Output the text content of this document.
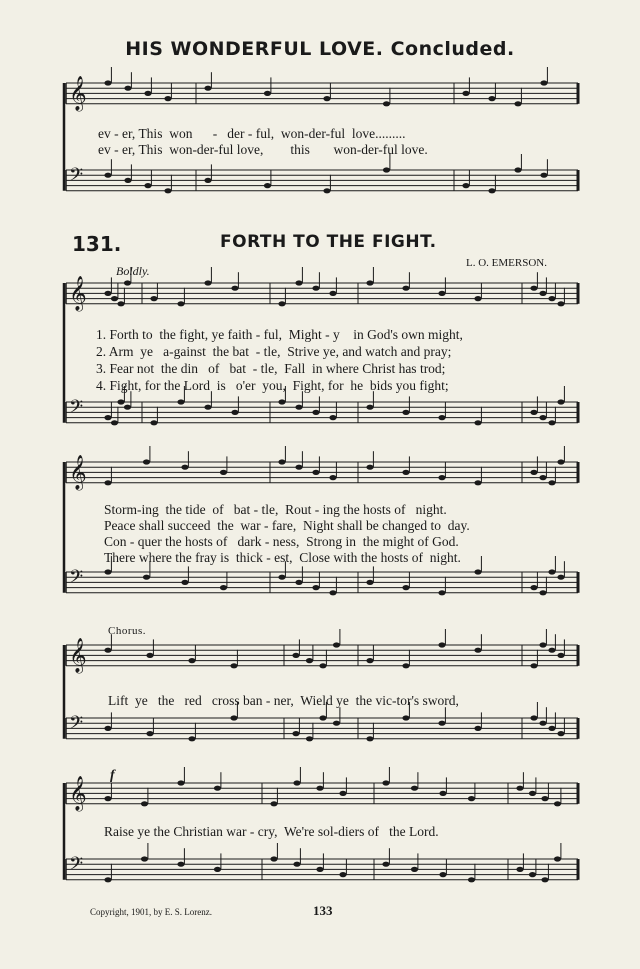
𝄞
𝄢
𝄞
𝄢
𝄞
𝄢
𝄞
𝄢
𝄞
𝄢
HIS WONDERFUL LOVE. Concluded.
ev - er, This  won      -   der - ful,  won-der-ful  love.........
ev - er, This  won-der-ful love,        this       won-der-ful love.
131.	FORTH TO THE FIGHT.
L. O. EMERSON.
Boldly.
1. Forth to  the fight, ye faith - ful,  Might - y    in God's own might,
2. Arm  ye   a-gainst  the bat  - tle,  Strive ye, and watch and pray;
3. Fear not  the din   of   bat  - tle,  Fall  in where Christ has trod;
4. Fight, for the Lord  is   o'er  you,  Fight, for  he  bids you fight;
Storm-ing  the tide  of   bat - tle,  Rout - ing the hosts of   night.
Peace shall succeed  the  war - fare,  Night shall be changed to  day.
Con - quer the hosts of   dark - ness,  Strong in  the might of God.
There where the fray is  thick - est,  Close with the hosts of  night.
Chorus.
Lift  ye   the   red   cross ban - ner,  Wield ye  the vic-tor's sword,
f
Raise ye the Christian war - cry,  We're sol-diers of   the Lord.
Copyright, 1901, by E. S. Lorenz.	133
